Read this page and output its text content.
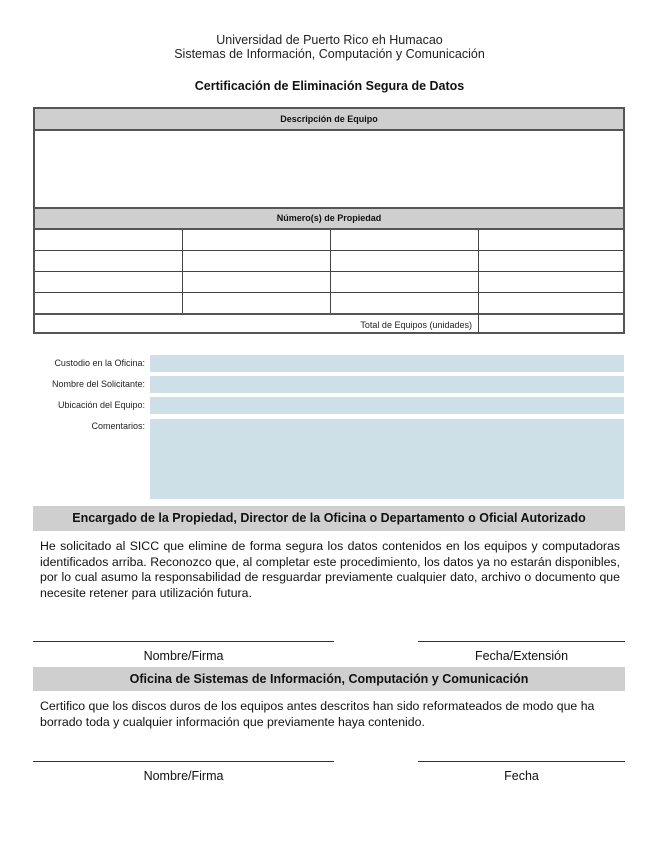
Universidad de Puerto Rico eh Humacao
Sistemas de Información, Computación y Comunicación
Certificación de Eliminación Segura de Datos
Descripción de Equipo
Número(s) de Propiedad
Total de Equipos (unidades)
Custodio en la Oficina:
Nombre del Solicitante:
Ubicación del Equipo:
Comentarios:
Encargado de la Propiedad, Director de la Oficina o Departamento o Oficial Autorizado
He solicitado al SICC que elimine de forma segura los datos contenidos en los equipos y computadoras identificados arriba. Reconozco que, al completar este procedimiento, los datos ya no estarán disponibles, por lo cual asumo la responsabilidad de resguardar previamente cualquier dato, archivo o documento que necesite retener para utilización futura.
Nombre/Firma	Fecha/Extensión
Oficina de Sistemas de Información, Computación y Comunicación
Certifico que los discos duros de los equipos antes descritos han sido reformateados de modo que ha borrado toda y cualquier información que previamente haya contenido.
Nombre/Firma	Fecha
